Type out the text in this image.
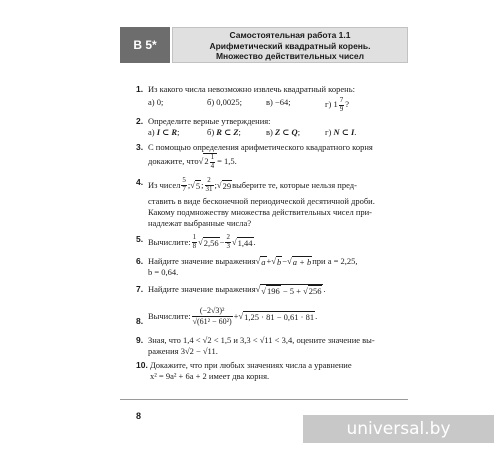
В 5*
Самостоятельная работа 1.1
Арифметический квадратный корень.
Множество действительных чисел
1. Из какого числа невозможно извлечь квадратный корень:
а) 0;	б) 0,0025;	в) −64;	г) $1 \frac{7}{9}$ ?
2. Определите верные утверждения:
а) I ⊂ R;	б) R ⊂ Z;	в) Z ⊂ Q;	г) N ⊂ I.
3. С помощью определения арифметического квадратного корня
докажите, что √ $2 \frac{1}{4} = 1,5$.
4. Из чисел $\frac{5}{7}$ ; √ 5 ; $\frac{2}{31}$ ; √ 29 выберите те, которые нельзя пред-
ставить в виде бесконечной периодической десятичной дроби.
Какому подмножеству множества действительных чисел при-
надлежат выбранные числа?
5. Вычислите: $\frac{1}{8}$ √ $2,56 - \frac{2}{3}$ √ 1,44 .
6. Найдите значение выражения √ a + √ b − √ a + b при a = 2,25,
b = 0,64.
7. Найдите значение выражения √ √196 − 5 + √256 .
8. Вычислите: $\frac{\text{(−2√3)²}}{\text{√(61² − 60²)}}$ + √ 1,25 · 81 − 0,61 · 81 .
9. Зная, что 1,4 < √2 < 1,5 и 3,3 < √11 < 3,4, оцените значение вы-
ражения 3√2 − √11.
10. Докажите, что при любых значениях числа a уравнение
x² = 9a² + 6a + 2 имеет два корня.
8
universal.by
